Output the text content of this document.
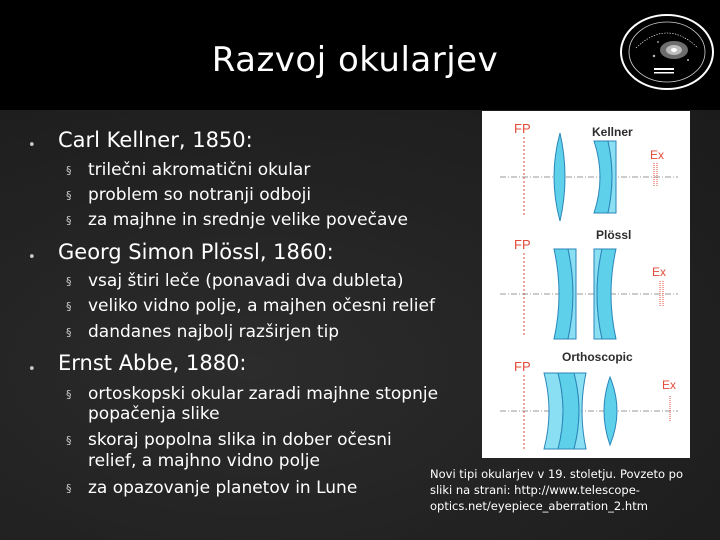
Razvoj okularjev
• Carl Kellner, 1850:
§ trilečni akromatični okular
§ problem so notranji odboji
§ za majhne in srednje velike povečave
• Georg Simon Plössl, 1860:
§ vsaj štiri leče (ponavadi dva dubleta)
§ veliko vidno polje, a majhen očesni relief
§ dandanes najbolj razširjen tip
• Ernst Abbe, 1880:
§ ortoskopski okular zaradi majhne stopnje
popačenja slike
§ skoraj popolna slika in dober očesni
relief, a majhno vidno polje
§ za opazovanje planetov in Lune
FP	Kellner
Ex
FP
Plössl
Ex
FP
Orthoscopic
Ex
Novi tipi okularjev v 19. stoletju. Povzeto po
sliki na strani: http://www.telescope-
optics.net/eyepiece_aberration_2.htm
